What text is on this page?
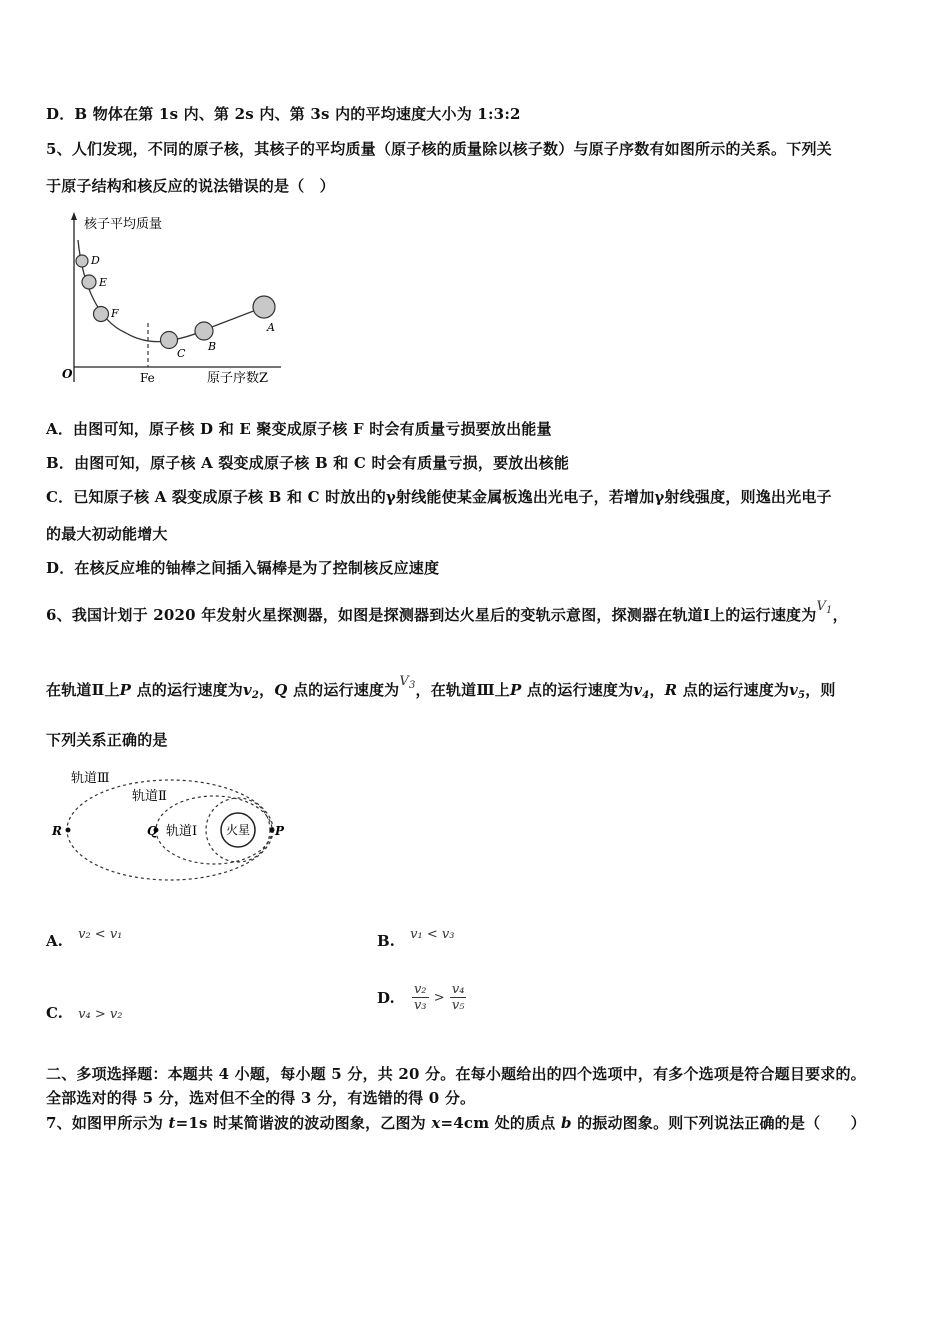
D．B 物体在第 1s 内、第 2s 内、第 3s 内的平均速度大小为 1:3:2
5、人们发现，不同的原子核，其核子的平均质量（原子核的质量除以核子数）与原子序数有如图所示的关系。下列关
于原子结构和核反应的说法错误的是（　）
核子平均质量
O	Fe	原子序数Z
D
E
F
C
B
A
A．由图可知，原子核 D 和 E 聚变成原子核 F 时会有质量亏损要放出能量
B．由图可知，原子核 A 裂变成原子核 B 和 C 时会有质量亏损，要放出核能
C．已知原子核 A 裂变成原子核 B 和 C 时放出的γ射线能使某金属板逸出光电子，若增加γ射线强度，则逸出光电子
的最大初动能增大
D．在核反应堆的铀棒之间插入镉棒是为了控制核反应速度
6、我国计划于 2020 年发射火星探测器，如图是探测器到达火星后的变轨示意图，探测器在轨道Ⅰ上的运行速度为$V_1$，
在轨道Ⅱ上P 点的运行速度为$v_2$，Q 点的运行速度为$V_3$，在轨道Ⅲ上P 点的运行速度为$v_4$，R 点的运行速度为$v_5$，则
下列关系正确的是
轨道Ⅲ
轨道Ⅱ
轨道Ⅰ 火星
R	Q	P
A. v₂ < v₁	B. v₁ < v₃
C. v₄ > v₂
D. $\frac{\text{v₂}}{\text{v₃}} > \frac{\text{v₄}}{\text{v₅}}$
二、多项选择题：本题共 4 小题，每小题 5 分，共 20 分。在每小题给出的四个选项中，有多个选项是符合题目要求的。
全部选对的得 5 分，选对但不全的得 3 分，有选错的得 0 分。
7、如图甲所示为 t=1s 时某简谐波的波动图象，乙图为 x=4cm 处的质点 b 的振动图象。则下列说法正确的是（　　）
